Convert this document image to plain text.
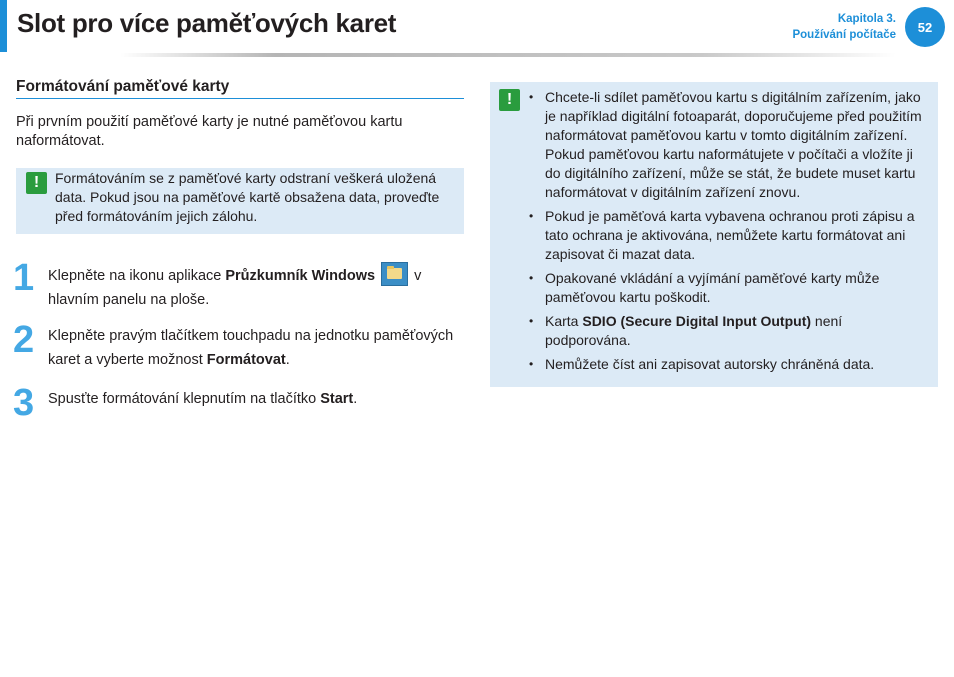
Slot pro více paměťových karet	Kapitola 3.
Používání počítače
52
Formátování paměťové karty

Při prvním použití paměťové karty je nutné paměťovou kartu naformátovat.

!	Formátováním se z paměťové karty odstraní veškerá uložená data. Pokud jsou na paměťové kartě obsažena data, proveďte před formátováním jejich zálohu.
1 Klepněte na ikonu aplikace Průzkumník Windows  v hlavním panelu na ploše.
2 Klepněte pravým tlačítkem touchpadu na jednotku paměťových karet a vyberte možnost Formátovat.
3 Spusťte formátování klepnutím na tlačítko Start.
!
•	Chcete-li sdílet paměťovou kartu s digitálním zařízením, jako je například digitální fotoaparát, doporučujeme před použitím naformátovat paměťovou kartu v tomto digitálním zařízení. Pokud paměťovou kartu naformátujete v počítači a vložíte ji do digitálního zařízení, může se stát, že budete muset kartu naformátovat v digitálním zařízení znovu.
• Pokud je paměťová karta vybavena ochranou proti zápisu a tato ochrana je aktivována, nemůžete kartu formátovat ani zapisovat či mazat data.
• Opakované vkládání a vyjímání paměťové karty může paměťovou kartu poškodit.
• Karta SDIO (Secure Digital Input Output) není podporována.
• Nemůžete číst ani zapisovat autorsky chráněná data.
